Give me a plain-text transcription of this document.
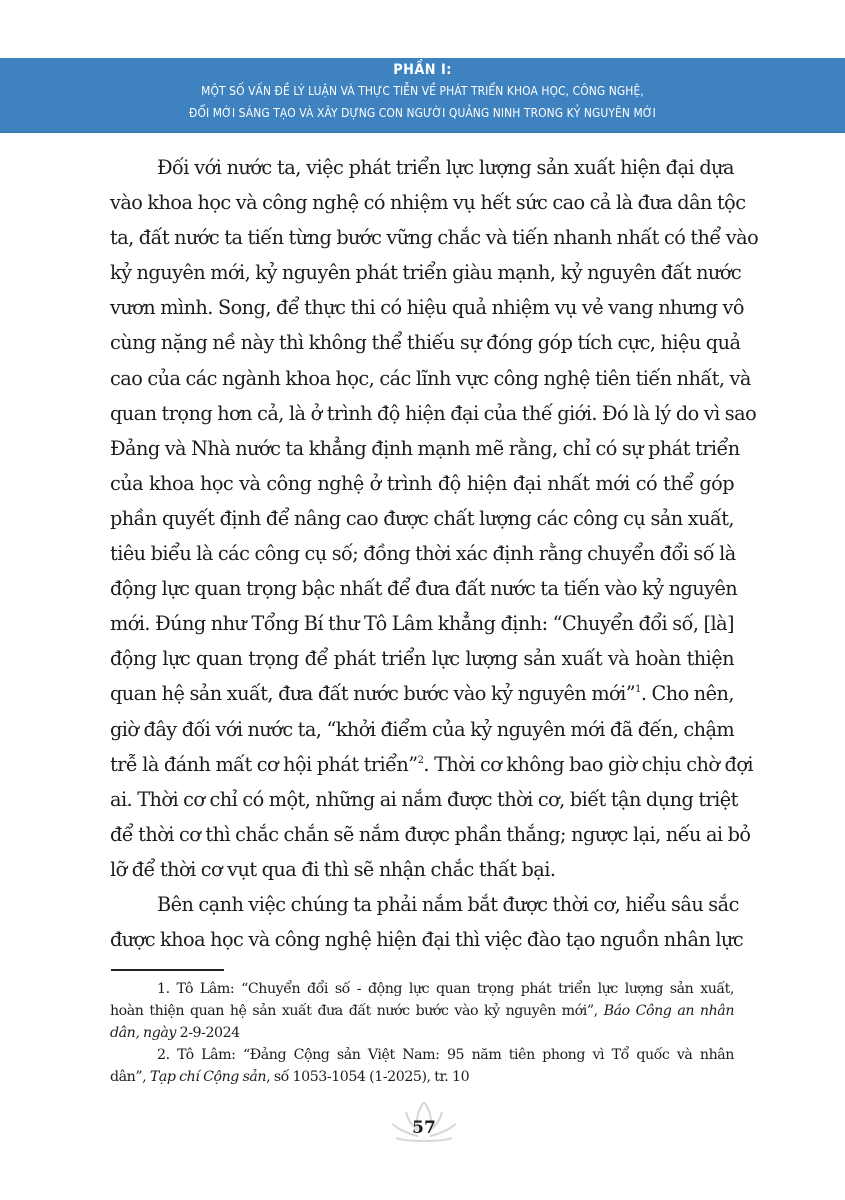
PHẦN I:
MỘT SỐ VẤN ĐỀ LÝ LUẬN VÀ THỰC TIỄN VỀ PHÁT TRIỂN KHOA HỌC, CÔNG NGHỆ,
ĐỔI MỚI SÁNG TẠO VÀ XÂY DỰNG CON NGƯỜI QUẢNG NINH TRONG KỶ NGUYÊN MỚI
Đối với nước ta, việc phát triển lực lượng sản xuất hiện đại dựa
vào khoa học và công nghệ có nhiệm vụ hết sức cao cả là đưa dân tộc
ta, đất nước ta tiến từng bước vững chắc và tiến nhanh nhất có thể vào
kỷ nguyên mới, kỷ nguyên phát triển giàu mạnh, kỷ nguyên đất nước
vươn mình. Song, để thực thi có hiệu quả nhiệm vụ vẻ vang nhưng vô
cùng nặng nề này thì không thể thiếu sự đóng góp tích cực, hiệu quả
cao của các ngành khoa học, các lĩnh vực công nghệ tiên tiến nhất, và
quan trọng hơn cả, là ở trình độ hiện đại của thế giới. Đó là lý do vì sao
Đảng và Nhà nước ta khẳng định mạnh mẽ rằng, chỉ có sự phát triển
của khoa học và công nghệ ở trình độ hiện đại nhất mới có thể góp
phần quyết định để nâng cao được chất lượng các công cụ sản xuất,
tiêu biểu là các công cụ số; đồng thời xác định rằng chuyển đổi số là
động lực quan trọng bậc nhất để đưa đất nước ta tiến vào kỷ nguyên
mới. Đúng như Tổng Bí thư Tô Lâm khẳng định: “Chuyển đổi số, [là]
động lực quan trọng để phát triển lực lượng sản xuất và hoàn thiện
quan hệ sản xuất, đưa đất nước bước vào kỷ nguyên mới”$^1$. Cho nên,
giờ đây đối với nước ta, “khởi điểm của kỷ nguyên mới đã đến, chậm
trễ là đánh mất cơ hội phát triển”$^2$. Thời cơ không bao giờ chịu chờ đợi
ai. Thời cơ chỉ có một, những ai nắm được thời cơ, biết tận dụng triệt
để thời cơ thì chắc chắn sẽ nắm được phần thắng; ngược lại, nếu ai bỏ
lỡ để thời cơ vụt qua đi thì sẽ nhận chắc thất bại.
Bên cạnh việc chúng ta phải nắm bắt được thời cơ, hiểu sâu sắc
được khoa học và công nghệ hiện đại thì việc đào tạo nguồn nhân lực
1. Tô Lâm: “Chuyển đổi số - động lực quan trọng phát triển lực lượng sản xuất,
hoàn thiện quan hệ sản xuất đưa đất nước bước vào kỷ nguyên mới”, Báo Công an nhân
dân, ngày 2-9-2024
2. Tô Lâm: “Đảng Cộng sản Việt Nam: 95 năm tiên phong vì Tổ quốc và nhân
dân”, Tạp chí Cộng sản, số 1053-1054 (1-2025), tr. 10
57
